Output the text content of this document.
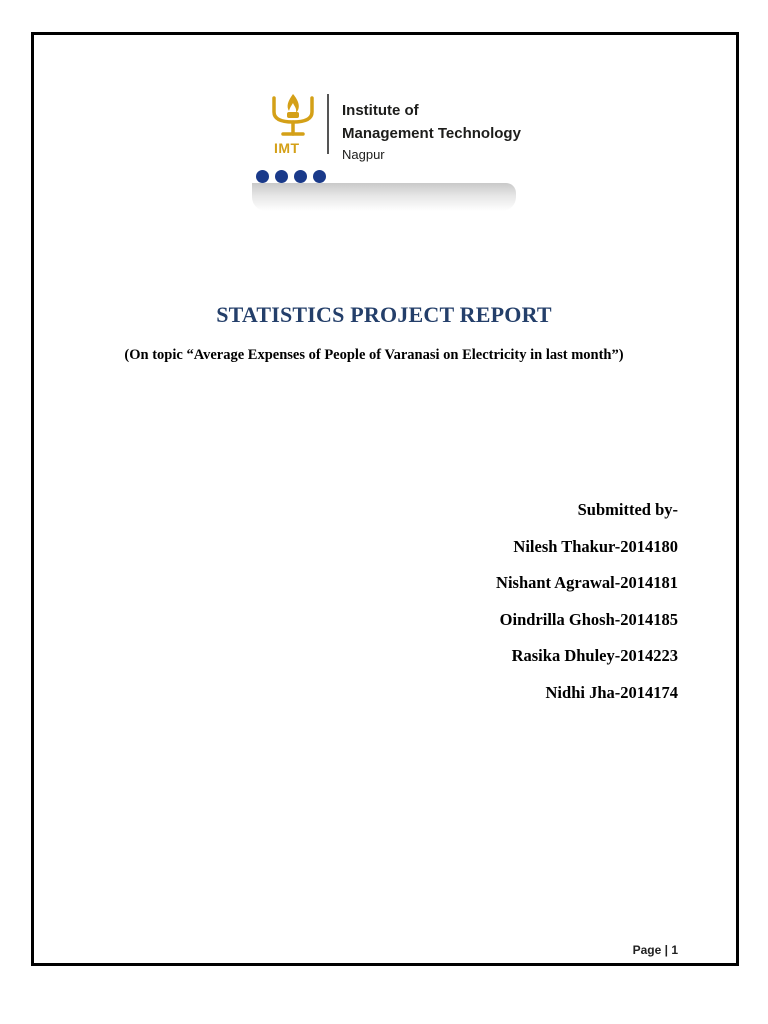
IMT
Institute of
Management Technology
Nagpur
STATISTICS PROJECT REPORT
(On topic “Average Expenses of People of Varanasi on Electricity in last month”)
Submitted by-
Nilesh Thakur-2014180
Nishant Agrawal-2014181
Oindrilla Ghosh-2014185
Rasika Dhuley-2014223
Nidhi Jha-2014174
Page | 1
